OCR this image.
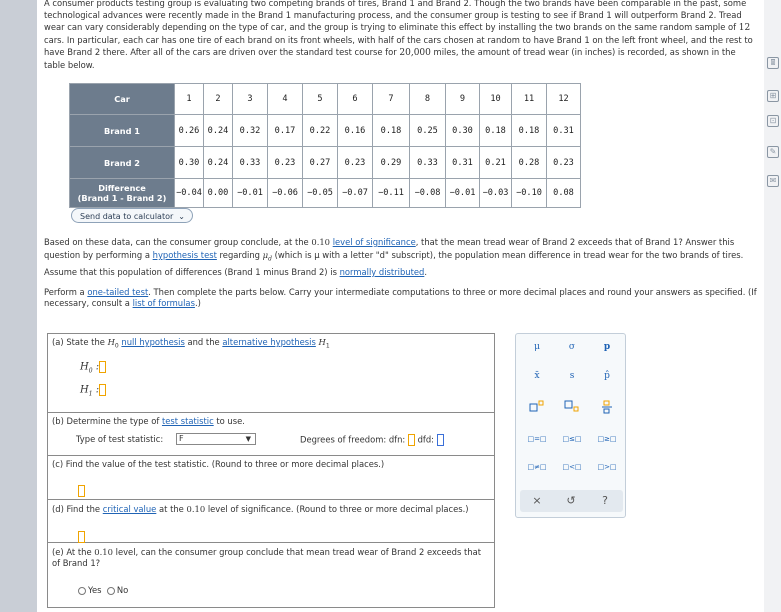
A consumer products testing group is evaluating two competing brands of tires, Brand 1 and Brand 2. Though the two brands have been comparable in the past, some technological advances were recently made in the Brand 1 manufacturing process, and the consumer group is testing to see if Brand 1 will outperform Brand 2. Tread wear can vary considerably depending on the type of car, and the group is trying to eliminate this effect by installing the two brands on the same random sample of 12 cars. In particular, each car has one tire of each brand on its front wheels, with half of the cars chosen at random to have Brand 1 on the left front wheel, and the rest to have Brand 2 there. After all of the cars are driven over the standard test course for 20,000 miles, the amount of tread wear (in inches) is recorded, as shown in the table below.
Car	1	2	3	4	5	6	7	8	9	10	11	12
Brand 1	0.26	0.24	0.32	0.17	0.22	0.16	0.18	0.25	0.30	0.18	0.18	0.31
Brand 2	0.30	0.24	0.33	0.23	0.27	0.23	0.29	0.33	0.31	0.21	0.28	0.23
Difference
(Brand 1 - Brand 2)	−0.04	0.00	−0.01	−0.06	−0.05	−0.07	−0.11	−0.08	−0.01	−0.03	−0.10	0.08
Send data to calculator ⌄
Based on these data, can the consumer group conclude, at the 0.10 level of significance, that the mean tread wear of Brand 2 exceeds that of Brand 1? Answer this question by performing a hypothesis test regarding $\mu_d$ (which is μ with a letter "d" subscript), the population mean difference in tread wear for the two brands of tires. Assume that this population of differences (Brand 1 minus Brand 2) is normally distributed.
Perform a one-tailed test. Then complete the parts below. Carry your intermediate computations to three or more decimal places and round your answers as specified. (If necessary, consult a list of formulas.)
(a) State the $H_0$ null hypothesis and the alternative hypothesis $H_1$
$H_0$ :
$H_1$ :
(b) Determine the type of test statistic to use.
Type of test statistic:	F	▼	Degrees of freedom: dfn: dfd:
(c) Find the value of the test statistic. (Round to three or more decimal places.)
(d) Find the critical value at the 0.10 level of significance. (Round to three or more decimal places.)
(e) At the 0.10 level, can the consumer group conclude that mean tread wear of Brand 2 exceeds that of Brand 1?
Yes No
μ	σ	p
x̄	s	p̂
□=□ □≤□ □≥□
□≠□ □<□ □>□
×	↺	?
🖩
⊞
⊡
✎
✉
